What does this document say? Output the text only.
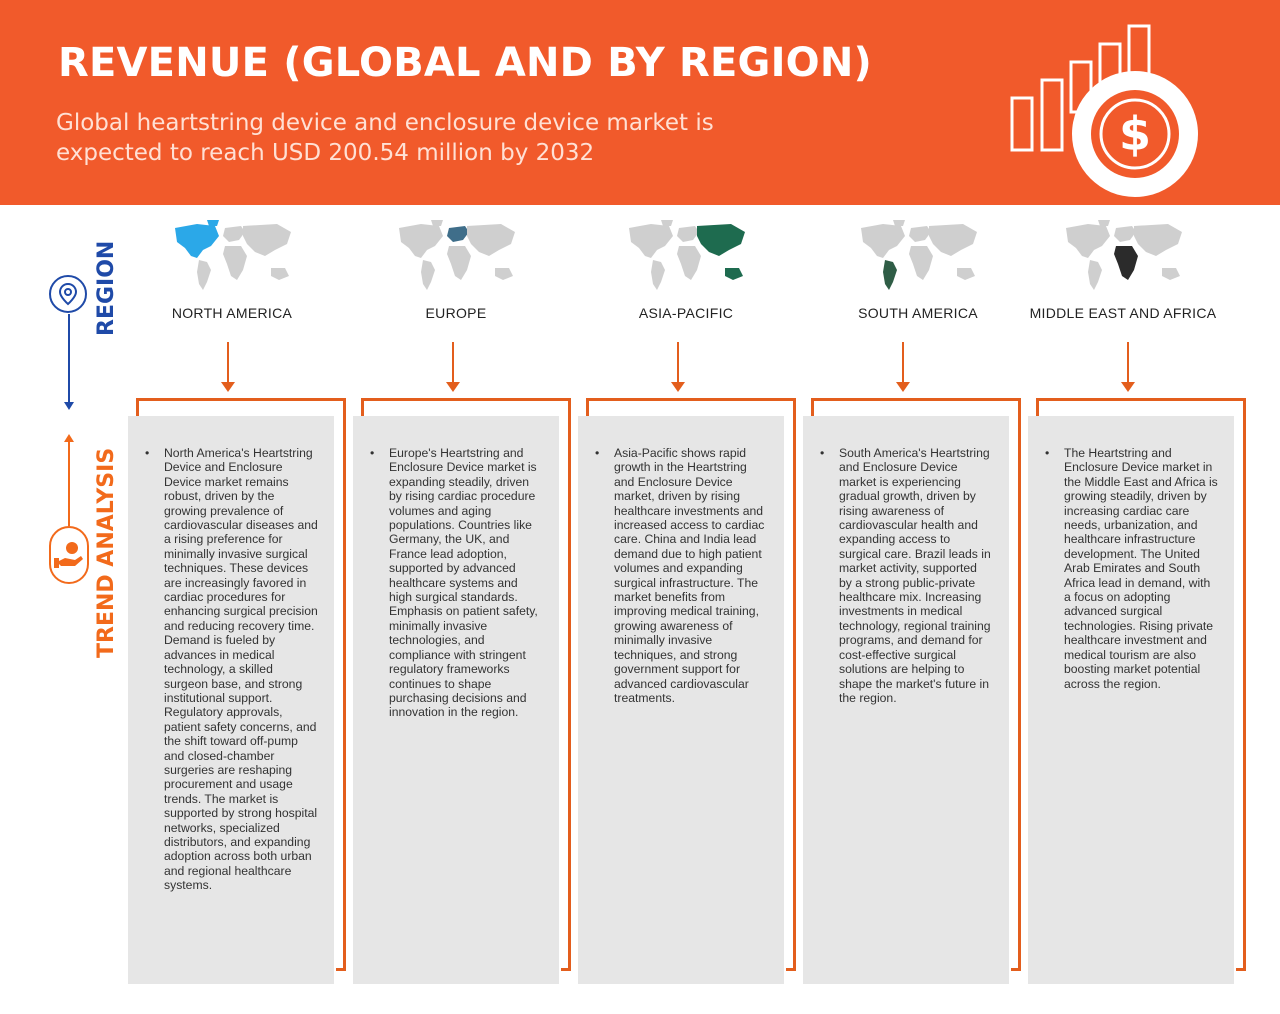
REVENUE (GLOBAL AND BY REGION)
Global heartstring device and enclosure device market is expected to reach USD 200.54 million by 2032	$
REGION
TREND ANALYSIS
NORTH AMERICA
• North America's Heartstring Device and Enclosure Device market remains robust, driven by the growing prevalence of cardiovascular diseases and a rising preference for minimally invasive surgical techniques. These devices are increasingly favored in cardiac procedures for enhancing surgical precision and reducing recovery time. Demand is fueled by advances in medical technology, a skilled surgeon base, and strong institutional support. Regulatory approvals, patient safety concerns, and the shift toward off-pump and closed-chamber surgeries are reshaping procurement and usage trends. The market is supported by strong hospital networks, specialized distributors, and expanding adoption across both urban and regional healthcare systems.
EUROPE
• Europe's Heartstring and Enclosure Device market is expanding steadily, driven by rising cardiac procedure volumes and aging populations. Countries like Germany, the UK, and France lead adoption, supported by advanced healthcare systems and high surgical standards. Emphasis on patient safety, minimally invasive technologies, and compliance with stringent regulatory frameworks continues to shape purchasing decisions and innovation in the region.
ASIA-PACIFIC
• Asia-Pacific shows rapid growth in the Heartstring and Enclosure Device market, driven by rising healthcare investments and increased access to cardiac care. China and India lead demand due to high patient volumes and expanding surgical infrastructure. The market benefits from improving medical training, growing awareness of minimally invasive techniques, and strong government support for advanced cardiovascular treatments.
SOUTH AMERICA
• South America's Heartstring and Enclosure Device market is experiencing gradual growth, driven by rising awareness of cardiovascular health and expanding access to surgical care. Brazil leads in market activity, supported by a strong public-private healthcare mix. Increasing investments in medical technology, regional training programs, and demand for cost-effective surgical solutions are helping to shape the market's future in the region.
MIDDLE EAST AND AFRICA
• The Heartstring and Enclosure Device market in the Middle East and Africa is growing steadily, driven by increasing cardiac care needs, urbanization, and healthcare infrastructure development. The United Arab Emirates and South Africa lead in demand, with a focus on adopting advanced surgical technologies. Rising private healthcare investment and medical tourism are also boosting market potential across the region.
